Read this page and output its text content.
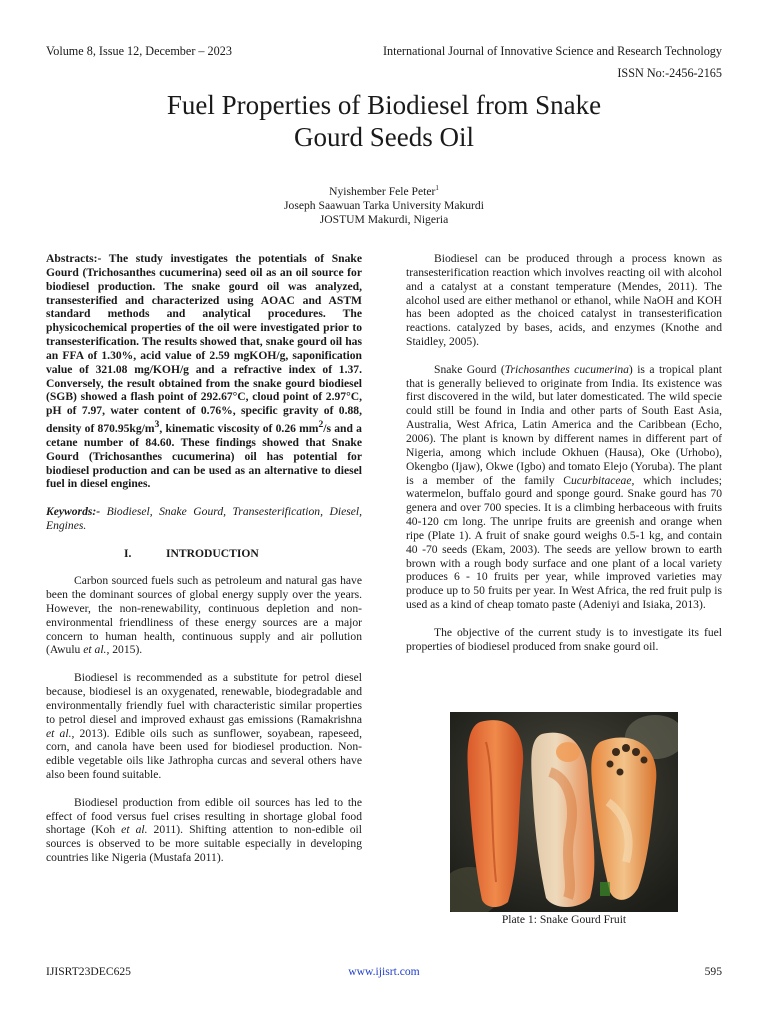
Volume 8, Issue 12, December – 2023	International Journal of Innovative Science and Research Technology
ISSN No:-2456-2165
Fuel Properties of Biodiesel from Snake
Gourd Seeds Oil
Nyishember Fele Peter$^1$
Joseph Saawuan Tarka University Makurdi
JOSTUM Makurdi, Nigeria

Abstracts:- The study investigates the potentials of Snake Gourd (Trichosanthes cucumerina) seed oil as an oil source for biodiesel production. The snake gourd oil was analyzed, transesterified and characterized using AOAC and ASTM standard methods and analytical procedures. The physicochemical properties of the oil were investigated prior to transesterification. The results showed that, snake gourd oil has an FFA of 1.30%, acid value of 2.59 mgKOH/g, saponification value of 321.08 mg/KOH/g and a refractive index of 1.37. Conversely, the result obtained from the snake gourd biodiesel (SGB) showed a flash point of 292.67°C, cloud point of 2.97°C, pH of 7.97, water content of 0.76%, specific gravity of 0.88, density of $870.95kg/m^3$, kinematic viscosity of 0.26 $mm^2/s$ and a cetane number of 84.60. These findings showed that Snake Gourd (Trichosanthes cucumerina) oil has potential for biodiesel production and can be used as an alternative to diesel fuel in diesel engines.

Keywords:- Biodiesel, Snake Gourd, Transesterification, Diesel, Engines.

I.	INTRODUCTION

Carbon sourced fuels such as petroleum and natural gas have been the dominant sources of global energy supply over the years. However, the non-renewability, continuous depletion and non-environmental friendliness of these energy sources are a major concern to human health, continuous supply and air pollution (Awulu et al., 2015).

Biodiesel is recommended as a substitute for petrol diesel because, biodiesel is an oxygenated, renewable, biodegradable and environmentally friendly fuel with characteristic similar properties to petrol diesel and improved exhaust gas emissions (Ramakrishna et al., 2013). Edible oils such as sunflower, soyabean, rapeseed, corn, and canola have been used for biodiesel production. Non-edible vegetable oils like Jathropha curcas and several others have also been found suitable.

Biodiesel production from edible oil sources has led to the effect of food versus fuel crises resulting in shortage global food shortage (Koh et al. 2011). Shifting attention to non-edible oil sources is observed to be more suitable especially in developing countries like Nigeria (Mustafa 2011).

Biodiesel can be produced through a process known as transesterification reaction which involves reacting oil with alcohol and a catalyst at a constant temperature (Mendes, 2011). The alcohol used are either methanol or ethanol, while NaOH and KOH has been adopted as the choiced catalyst in transesterification reactions. catalyzed by bases, acids, and enzymes (Knothe and Staidley, 2005).

Snake Gourd (Trichosanthes cucumerina) is a tropical plant that is generally believed to originate from India. Its existence was first discovered in the wild, but later domesticated. The wild specie could still be found in India and other parts of South East Asia, Australia, West Africa, Latin America and the Caribbean (Echo, 2006). The plant is known by different names in different part of Nigeria, among which include Okhuen (Hausa), Oke (Urhobo), Okengbo (Ijaw), Okwe (Igbo) and tomato Elejo (Yoruba). The plant is a member of the family Cucurbitaceae, which includes; watermelon, buffalo gourd and sponge gourd. Snake gourd has 70 genera and over 700 species. It is a climbing herbaceous with fruits 40-120 cm long. The unripe fruits are greenish and orange when ripe (Plate 1). A fruit of snake gourd weighs 0.5-1 kg, and contain 40 -70 seeds (Ekam, 2003). The seeds are yellow brown to earth brown with a rough body surface and one plant of a local variety produces 6 - 10 fruits per year, while improved varieties may produce up to 50 fruits per year. In West Africa, the red fruit pulp is used as a kind of cheap tomato paste (Adeniyi and Isiaka, 2013).

The objective of the current study is to investigate its fuel properties of biodiesel produced from snake gourd oil.

Plate 1: Snake Gourd Fruit
IJISRT23DEC625	www.ijisrt.com	595
